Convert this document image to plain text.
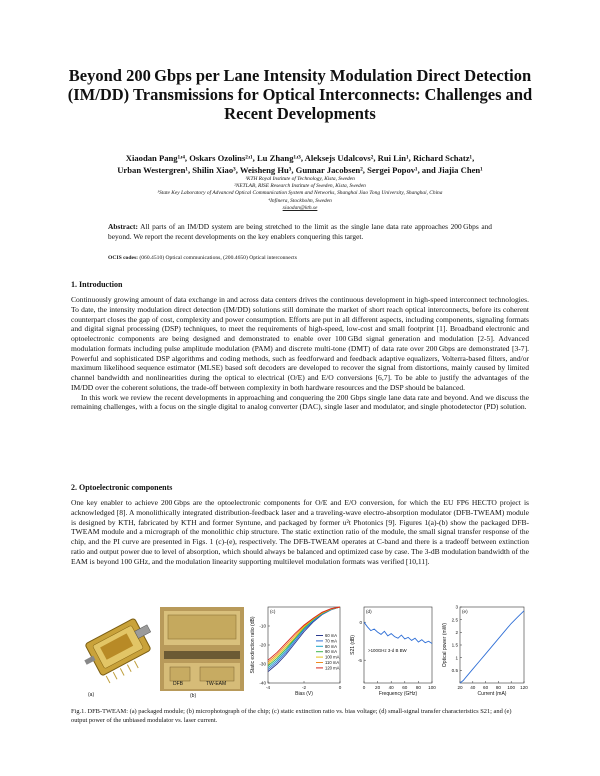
Beyond 200 Gbps per Lane Intensity Modulation Direct Detection (IM/DD) Transmissions for Optical Interconnects: Challenges and Recent Developments
Xiaodan Pang¹ʴ⁴, Oskars Ozolins²ʴ¹, Lu Zhang¹ʴ³, Aleksejs Udalcovs², Rui Lin¹, Richard Schatz¹,
Urban Westergren¹, Shilin Xiao³, Weisheng Hu³, Gunnar Jacobsen², Sergei Popov¹, and Jiajia Chen¹
¹KTH Royal Institute of Technology, Kista, Sweden
²NETLAB, RISE Research Institute of Sweden, Kista, Sweden
³State Key Laboratory of Advanced Optical Communication System and Networks, Shanghai Jiao Tong University, Shanghai, China
⁴Infinera, Stockholm, Sweden
xiaodan@kth.se
Abstract: All parts of an IM/DD system are being stretched to the limit as the single lane data rate approaches 200 Gbps and beyond. We report the recent developments on the key enablers conquering this target.
OCIS codes: (060.4510) Optical communications, (200.4650) Optical interconnects
1. Introduction

Continuously growing amount of data exchange in and across data centers drives the continuous development in high-speed interconnect technologies. To date, the intensity modulation direct detection (IM/DD) solutions still dominate the market of short reach optical interconnects, before its coherent counterpart closes the gap of cost, complexity and power consumption. Efforts are put in all different aspects, including components, signaling formats and digital signal processing (DSP) techniques, to meet the requirements of high-speed, low-cost and small footprint [1]. Broadband electronic and optoelectronic components are being designed and demonstrated to enable over 100 GBd signal generation and modulation [2-5]. Advanced modulation formats including pulse amplitude modulation (PAM) and discrete multi-tone (DMT) of data rate over 200 Gbps are demonstrated [3-7]. Powerful and sophisticated DSP algorithms and coding methods, such as feedforward and feedback adaptive equalizers, Volterra-based filters, and/or maximum likelihood sequence estimator (MLSE) based soft decoders are developed to recover the signal from distortions, mainly caused by limited channel bandwidth and nonlinearities during the optical to electrical (O/E) and E/O conversions [6,7]. To be able to justify the advantages of the IM/DD over the coherent solutions, the trade-off between complexity in both hardware resources and the DSP should be balanced.

In this work we review the recent developments in approaching and conquering the 200 Gbps single lane data rate and beyond. And we discuss the remaining challenges, with a focus on the single digital to analog converter (DAC), single laser and modulator, and single photodetector (PD) solution.

2. Optoelectronic components

One key enabler to achieve 200 Gbps are the optoelectronic components for O/E and E/O conversion, for which the EU FP6 HECTO project is acknowledged [8]. A monolithically integrated distribution-feedback laser and a traveling-wave electro-absorption modulator (DFB-TWEAM) module is designed by KTH, fabricated by KTH and former Syntune, and packaged by former u²t Photonics [9]. Figures 1(a)-(b) show the packaged DFB-TWEAM module and a micrograph of the monolithic chip structure. The static extinction ratio of the module, the small signal transfer response of the chip, and the PI curve are presented in Figs. 1 (c)-(e), respectively. The DFB-TWEAM operates at C-band and there is a tradeoff between extinction ratio and output power due to level of absorption, which should always be balanced and optimized case by case. The 3-dB modulation bandwidth of the EAM is beyond 100 GHz, and the modulation linearity supporting multilevel modulation formats was verified [10,11].

(a)
DFB	TW-EAM
(b)
-4	-2	0
-10
-20
-30
-40
Bias (V)
Static extinction ratio (dB)
(c)
60 mA
70 mA
80 mA
90 mA
100 mA
110 mA
120 mA
0 20 40 60 80 100
0
-5
Frequency (GHz)
S21 (dB)
(d)
>100GHz 3-d B BW
20 40 60 80 100 120
0.5
1
1.5
2
2.5
3
Current (mA)
Optical power (mW)
(e)
Fig.1. DFB-TWEAM: (a) packaged module; (b) microphotograph of the chip; (c) static extinction ratio vs. bias voltage; (d) small-signal transfer characteristics S21; and (e) output power of the unbiased modulator vs. laser current.
